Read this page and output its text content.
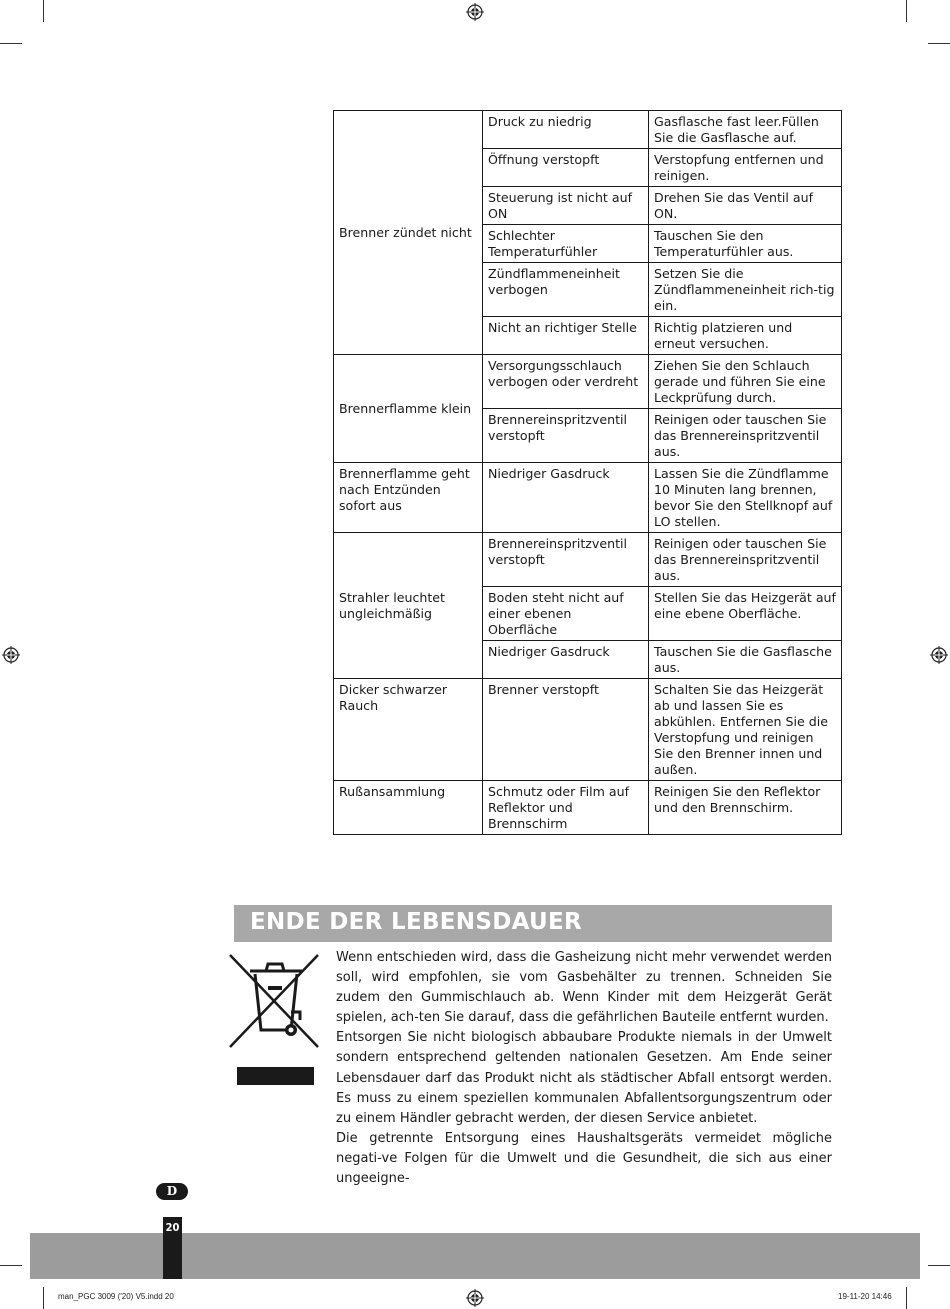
Brenner zündet nicht	Druck zu niedrig	Gasflasche fast leer.Füllen Sie die Gasflasche auf.
	Öffnung verstopft	Verstopfung entfernen und reinigen.
	Steuerung ist nicht auf ON	Drehen Sie das Ventil auf ON.
	Schlechter Temperaturfühler	Tauschen Sie den Temperaturfühler aus.
	Zündflammeneinheit verbogen	Setzen Sie die Zündflammeneinheit rich-tig ein.
	Nicht an richtiger Stelle	Richtig platzieren und erneut versuchen.
Brennerflamme klein	Versorgungsschlauch verbogen oder verdreht	Ziehen Sie den Schlauch gerade und führen Sie eine Leckprüfung durch.
	Brennereinspritzventil verstopft	Reinigen oder tauschen Sie das Brennereinspritzventil aus.
Brennerflamme geht nach Entzünden sofort aus	Niedriger Gasdruck	Lassen Sie die Zündflamme 10 Minuten lang brennen, bevor Sie den Stellknopf auf LO stellen.
Strahler leuchtet ungleichmäßig	Brennereinspritzventil verstopft	Reinigen oder tauschen Sie das Brennereinspritzventil aus.
	Boden steht nicht auf einer ebenen Oberfläche	Stellen Sie das Heizgerät auf eine ebene Oberfläche.
	Niedriger Gasdruck	Tauschen Sie die Gasflasche aus.
Dicker schwarzer Rauch	Brenner verstopft	Schalten Sie das Heizgerät ab und lassen Sie es abkühlen. Entfernen Sie die Verstopfung und reinigen Sie den Brenner innen und außen.
Rußansammlung	Schmutz oder Film auf Reflektor und Brennschirm	Reinigen Sie den Reflektor und den Brennschirm.
ENDE DER LEBENSDAUER

Wenn entschieden wird, dass die Gasheizung nicht mehr verwendet werden soll, wird empfohlen, sie vom Gasbehälter zu trennen. Schneiden Sie zudem den Gummischlauch ab. Wenn Kinder mit dem Heizgerät Gerät spielen, ach-ten Sie darauf, dass die gefährlichen Bauteile entfernt wurden.

Entsorgen Sie nicht biologisch abbaubare Produkte niemals in der Umwelt sondern entsprechend geltenden nationalen Gesetzen. Am Ende seiner Lebensdauer darf das Produkt nicht als städtischer Abfall entsorgt werden. Es muss zu einem speziellen kommunalen Abfallentsorgungszentrum oder zu einem Händler gebracht werden, der diesen Service anbietet.

Die getrennte Entsorgung eines Haushaltsgeräts vermeidet mögliche negati-ve Folgen für die Umwelt und die Gesundheit, die sich aus einer ungeeigne-

D
20
man_PGC 3009 ('20) V5.indd 20	19-11-20 14:46
